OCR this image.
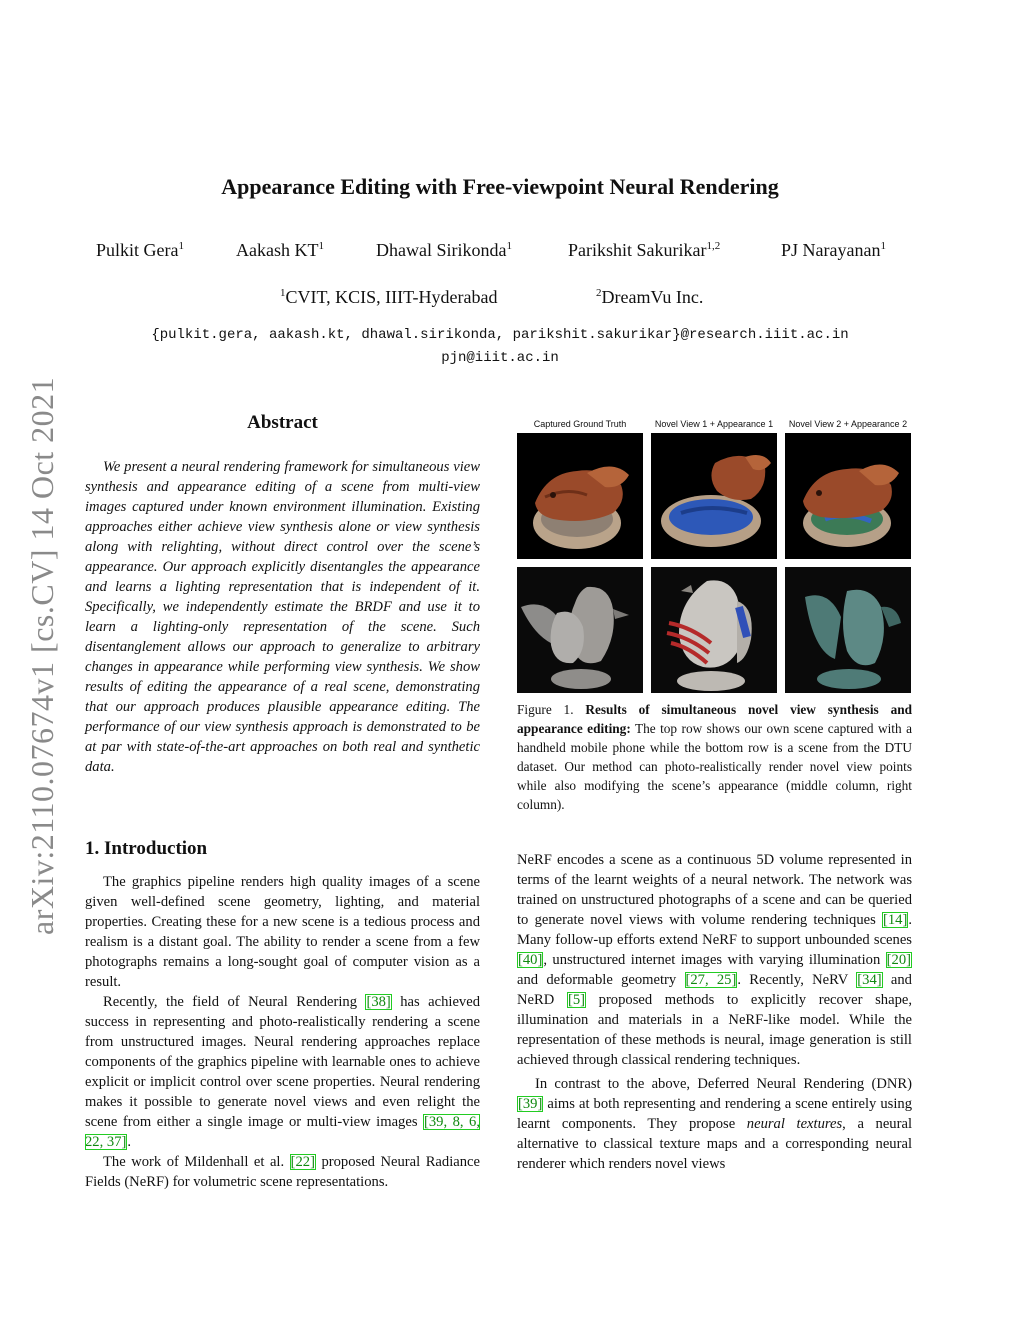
arXiv:2110.07674v1 [cs.CV] 14 Oct 2021
Appearance Editing with Free-viewpoint Neural Rendering
Pulkit Gera$^1$	Aakash $KT^1$	Dhawal Sirikonda$^1$	Parikshit Sakurikar$^{1,2}$	PJ Narayanan$^1$
$^1$CVIT, KCIS, IIIT-Hyderabad	$^2$DreamVu Inc.
{pulkit.gera, aakash.kt, dhawal.sirikonda, parikshit.sakurikar}@research.iiit.ac.in
pjn@iiit.ac.in
Abstract
We present a neural rendering framework for simultaneous view synthesis and appearance editing of a scene from multi-view images captured under known environment illumination. Existing approaches either achieve view synthesis alone or view synthesis along with relighting, without direct control over the scene’s appearance. Our approach explicitly disentangles the appearance and learns a lighting representation that is independent of it. Specifically, we independently estimate the BRDF and use it to learn a lighting-only representation of the scene. Such disentanglement allows our approach to generalize to arbitrary changes in appearance while performing view synthesis. We show results of editing the appearance of a real scene, demonstrating that our approach produces plausible appearance editing. The performance of our view synthesis approach is demonstrated to be at par with state-of-the-art approaches on both real and synthetic data.
Captured Ground Truth	Novel View 1 + Appearance 1	Novel View 2 + Appearance 2
Figure 1. Results of simultaneous novel view synthesis and appearance editing: The top row shows our own scene captured with a handheld mobile phone while the bottom row is a scene from the DTU dataset. Our method can photo-realistically render novel view points while also modifying the scene’s appearance (middle column, right column).
1. Introduction

The graphics pipeline renders high quality images of a scene given well-defined scene geometry, lighting, and material properties. Creating these for a new scene is a tedious process and realism is a distant goal. The ability to render a scene from a few photographs remains a long-sought goal of computer vision as a result.

Recently, the field of Neural Rendering [38] has achieved success in representing and photo-realistically rendering a scene from unstructured images. Neural rendering approaches replace components of the graphics pipeline with learnable ones to achieve explicit or implicit control over scene properties. Neural rendering makes it possible to generate novel views and even relight the scene from either a single image or multi-view images [39, 8, 6, 22, 37].

The work of Mildenhall et al. [22] proposed Neural Radiance Fields (NeRF) for volumetric scene representations.

NeRF encodes a scene as a continuous 5D volume represented in terms of the learnt weights of a neural network. The network was trained on unstructured photographs of a scene and can be queried to generate novel views with volume rendering techniques [14]. Many follow-up efforts extend NeRF to support unbounded scenes [40], unstructured internet images with varying illumination [20] and deformable geometry [27, 25]. Recently, NeRV [34] and NeRD [5] proposed methods to explicitly recover shape, illumination and materials in a NeRF-like model. While the representation of these methods is neural, image generation is still achieved through classical rendering techniques.

In contrast to the above, Deferred Neural Rendering (DNR) [39] aims at both representing and rendering a scene entirely using learnt components. They propose neural textures, a neural alternative to classical texture maps and a corresponding neural renderer which renders novel views
